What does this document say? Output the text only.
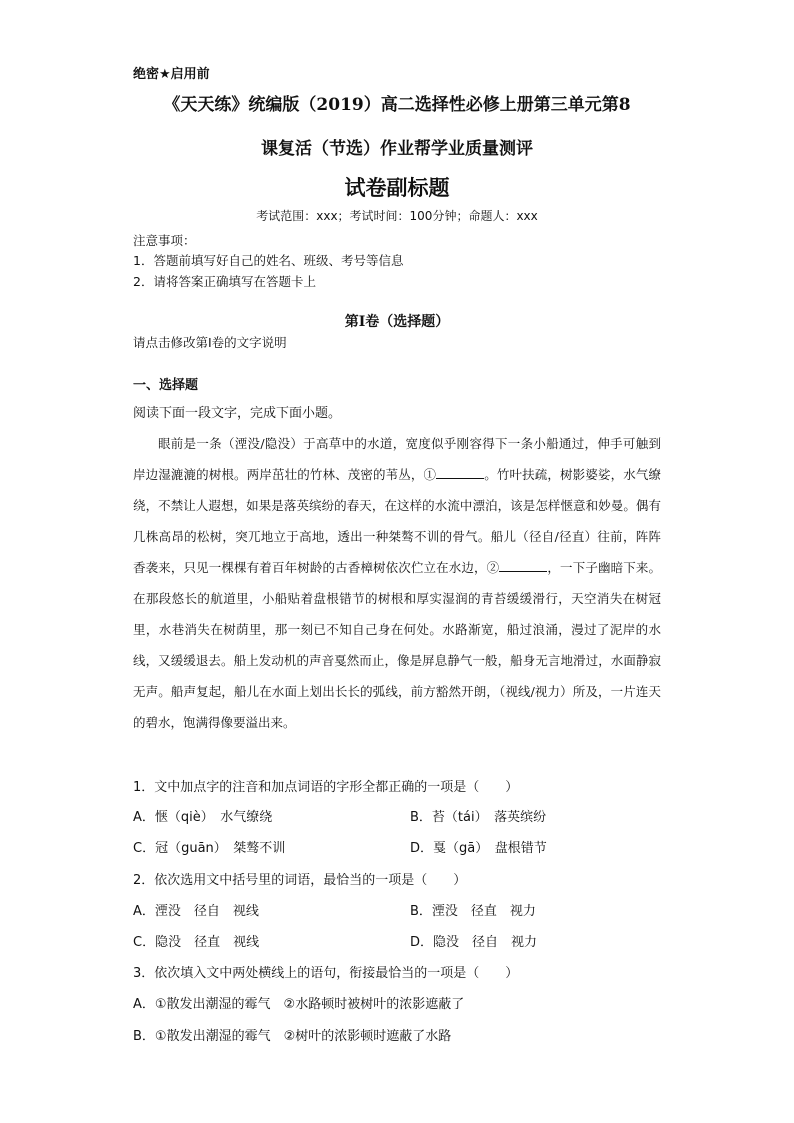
绝密★启用前
《天天练》统编版（2019）高二选择性必修上册第三单元第8
课复活（节选）作业帮学业质量测评
试卷副标题
考试范围：xxx；考试时间：100分钟；命题人：xxx
注意事项：
1．答题前填写好自己的姓名、班级、考号等信息
2．请将答案正确填写在答题卡上
第I卷（选择题）
请点击修改第I卷的文字说明
一、选择题
阅读下面一段文字，完成下面小题。

眼前是一条（湮没/隐没）于高草中的水道，宽度似乎刚容得下一条小船通过，伸手可触到岸边湿漉漉的树根。两岸茁壮的竹林、茂密的苇丛，①	。竹叶扶疏，树影婆娑，水气缭绕，不禁让人遐想，如果是落英缤纷的春天，在这样的水流中漂泊，该是怎样惬意和妙曼。偶有几株高昂的松树，突兀地立于高地，透出一种桀骜不训的骨气。船儿（径自/径直）往前，阵阵香袭来，只见一棵棵有着百年树龄的古香樟树依次伫立在水边，②	，一下子幽暗下来。在那段悠长的航道里，小船贴着盘根错节的树根和厚实湿润的青苔缓缓滑行，天空消失在树冠里，水巷消失在树荫里，那一刻已不知自己身在何处。水路渐宽，船过浪涌，漫过了泥岸的水线，又缓缓退去。船上发动机的声音戛然而止，像是屏息静气一般，船身无言地滑过，水面静寂无声。船声复起，船儿在水面上划出长长的弧线，前方豁然开朗，（视线/视力）所及，一片连天的碧水，饱满得像要溢出来。

1．文中加点字的注音和加点词语的字形全都正确的一项是（　　）
A．惬（qiè）　水气缭绕	B．苔（tái）　落英缤纷
C．冠（guān）　桀骜不训	D．戛（gā）　盘根错节
2．依次选用文中括号里的词语，最恰当的一项是（　　）
A．湮没　径自　视线	B．湮没　径直　视力
C．隐没　径直　视线	D．隐没　径自　视力
3．依次填入文中两处横线上的语句，衔接最恰当的一项是（　　）
A．①散发出潮湿的霉气　②水路顿时被树叶的浓影遮蔽了
B．①散发出潮湿的霉气　②树叶的浓影顿时遮蔽了水路
